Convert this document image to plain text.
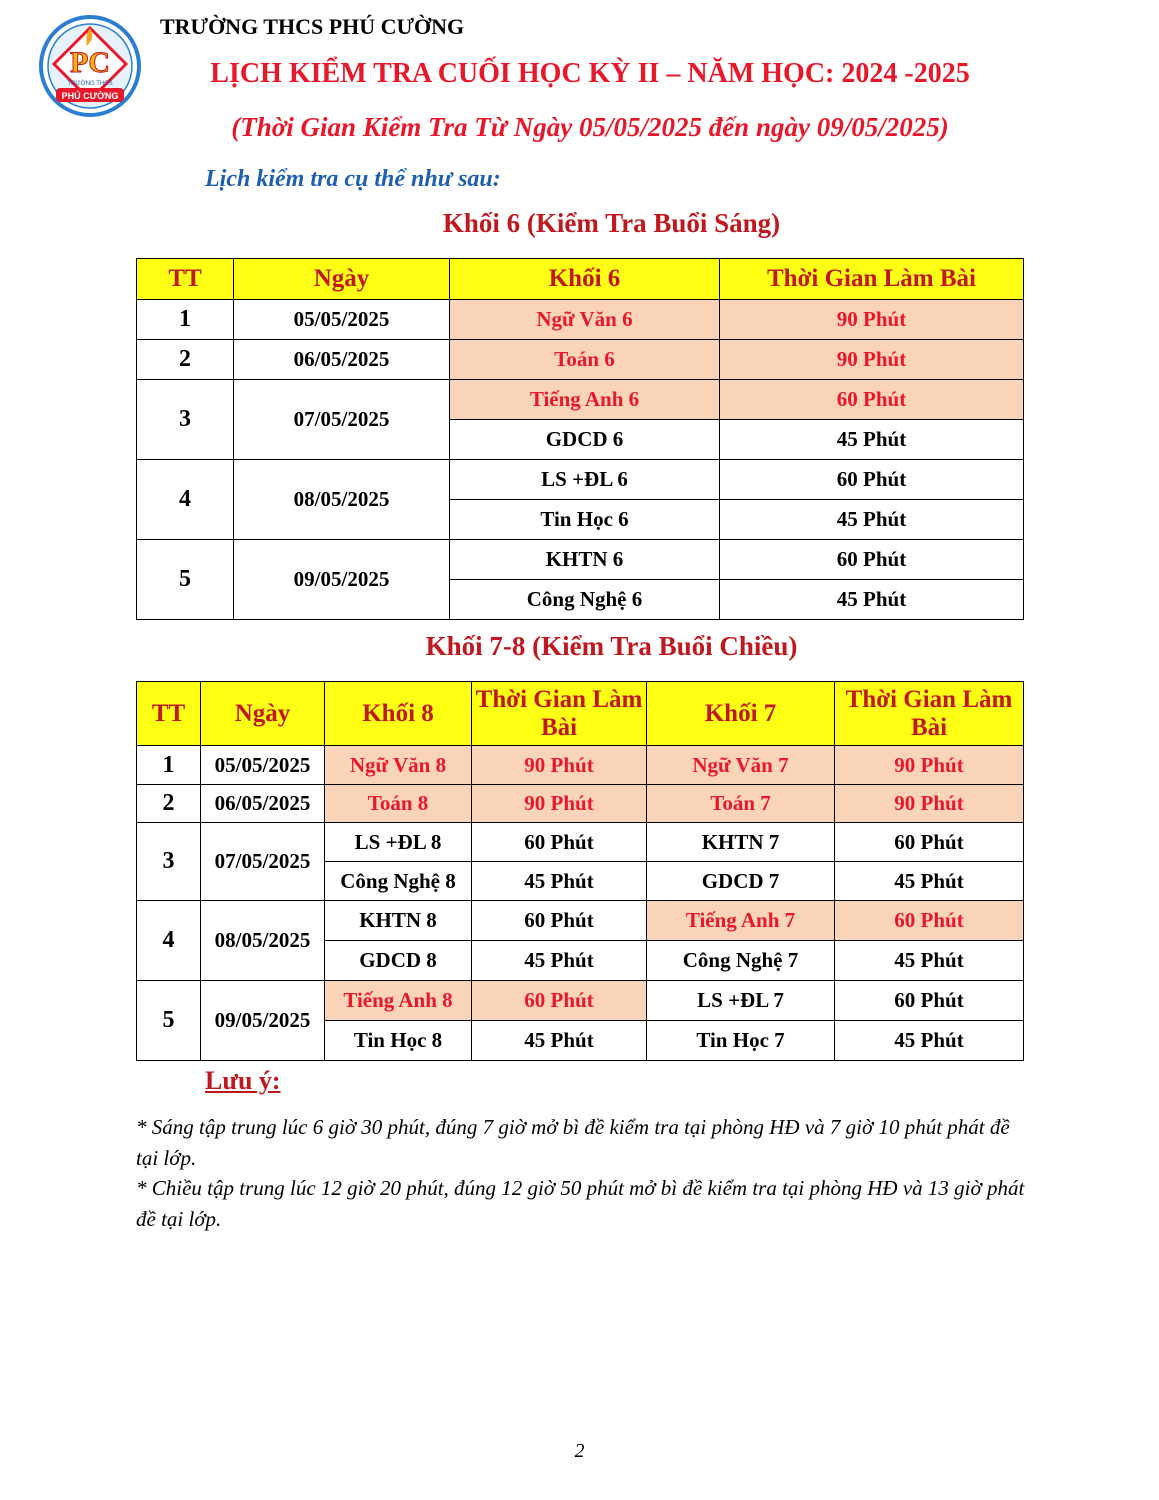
PC
TRƯỜNG THCS
PHÚ CƯỜNG
TRƯỜNG THCS PHÚ CƯỜNG
LỊCH KIỂM TRA CUỐI HỌC KỲ II – NĂM HỌC: 2024 -2025
(Thời Gian Kiểm Tra Từ Ngày 05/05/2025 đến ngày 09/05/2025)
Lịch kiểm tra cụ thể như sau:
Khối 6 (Kiểm Tra Buổi Sáng)
TT	Ngày	Khối 6	Thời Gian Làm Bài
1	05/05/2025	Ngữ Văn 6	90 Phút
2	06/05/2025	Toán 6	90 Phút
3	07/05/2025	Tiếng Anh 6	60 Phút
		GDCD 6	45 Phút
4	08/05/2025	LS +ĐL 6	60 Phút
		Tin Học 6	45 Phút
5	09/05/2025	KHTN 6	60 Phút
		Công Nghệ 6	45 Phút
Khối 7-8 (Kiểm Tra Buổi Chiều)
TT	Ngày	Khối 8	Thời Gian Làm Bài	Khối 7	Thời Gian Làm Bài
1	05/05/2025	Ngữ Văn 8	90 Phút	Ngữ Văn 7	90 Phút
2	06/05/2025	Toán 8	90 Phút	Toán 7	90 Phút
3	07/05/2025	LS +ĐL 8	60 Phút	KHTN 7	60 Phút
		Công Nghệ 8	45 Phút	GDCD 7	45 Phút
4	08/05/2025	KHTN 8	60 Phút	Tiếng Anh 7	60 Phút
		GDCD 8	45 Phút	Công Nghệ 7	45 Phút
5	09/05/2025	Tiếng Anh 8	60 Phút	LS +ĐL 7	60 Phút
		Tin Học 8	45 Phút	Tin Học 7	45 Phút
Lưu ý:
* Sáng tập trung lúc 6 giờ 30 phút, đúng 7 giờ mở bì đề kiểm tra tại phòng HĐ và 7 giờ 10 phút phát đề tại lớp.
* Chiều tập trung lúc 12 giờ 20 phút, đúng 12 giờ 50 phút mở bì đề kiểm tra tại phòng HĐ và 13 giờ phát đề tại lớp.
2
